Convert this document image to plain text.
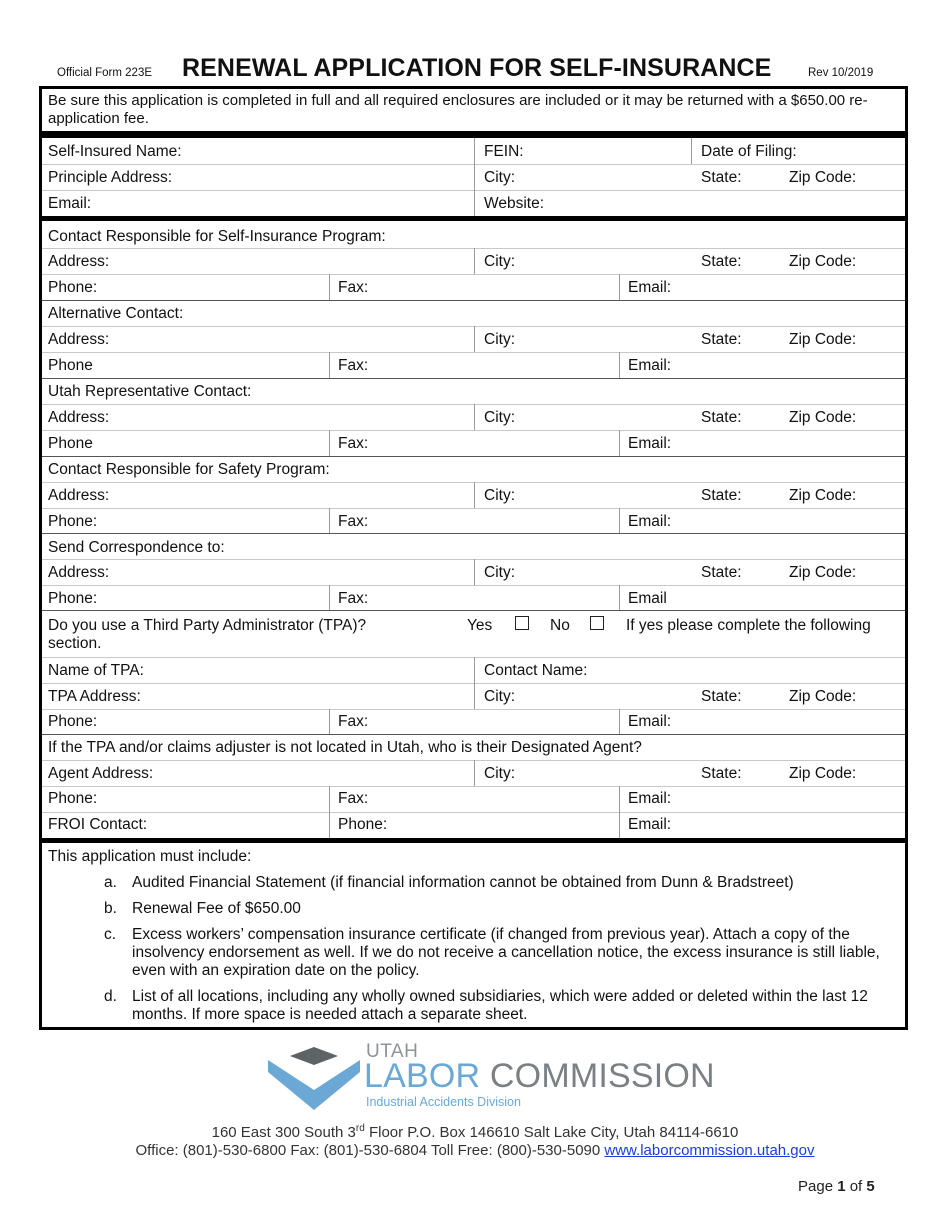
Official Form 223E RENEWAL APPLICATION FOR SELF-INSURANCE	Rev 10/2019
Be sure this application is completed in full and all required enclosures are included or it may be returned with a $650.00 re-application fee.
Self-Insured Name:	FEIN:	Date of Filing:
Principle Address:	City:	State:	Zip Code:
Email:	Website:
Contact Responsible for Self-Insurance Program:
Address:	City:	State:	Zip Code:
Phone:	Fax:	Email:
Alternative Contact:
Address:	City:	State:	Zip Code:
Phone	Fax:	Email:
Utah Representative Contact:
Address:	City:	State:	Zip Code:
Phone	Fax:	Email:
Contact Responsible for Safety Program:
Address:	City:	State:	Zip Code:
Phone:	Fax:	Email:
Send Correspondence to:
Address:	City:	State:	Zip Code:
Phone:	Fax:	Email
Do you use a Third Party Administrator (TPA)? section.
Yes	No	If yes please complete the following
Name of TPA:	Contact Name:
TPA Address:	City:	State:	Zip Code:
Phone:	Fax:	Email:
If the TPA and/or claims adjuster is not located in Utah, who is their Designated Agent?
Agent Address:	City:	State:	Zip Code:
Phone:	Fax:	Email:
FROI Contact:	Phone:	Email:
This application must include:
a. Audited Financial Statement (if financial information cannot be obtained from Dunn & Bradstreet)
b. Renewal Fee of $650.00
c. Excess workers’ compensation insurance certificate (if changed from previous year). Attach a copy of the insolvency endorsement as well. If we do not receive a cancellation notice, the excess insurance is still liable, even with an expiration date on the policy.
d. List of all locations, including any wholly owned subsidiaries, which were added or deleted within the last 12 months. If more space is needed attach a separate sheet.
UTAH
LABOR COMMISSION
Industrial Accidents Division
160 East 300 South 3rd Floor P.O. Box 146610 Salt Lake City, Utah 84114-6610
Office: (801)-530-6800 Fax: (801)-530-6804 Toll Free: (800)-530-5090 www.laborcommission.utah.gov
Page 1 of 5
